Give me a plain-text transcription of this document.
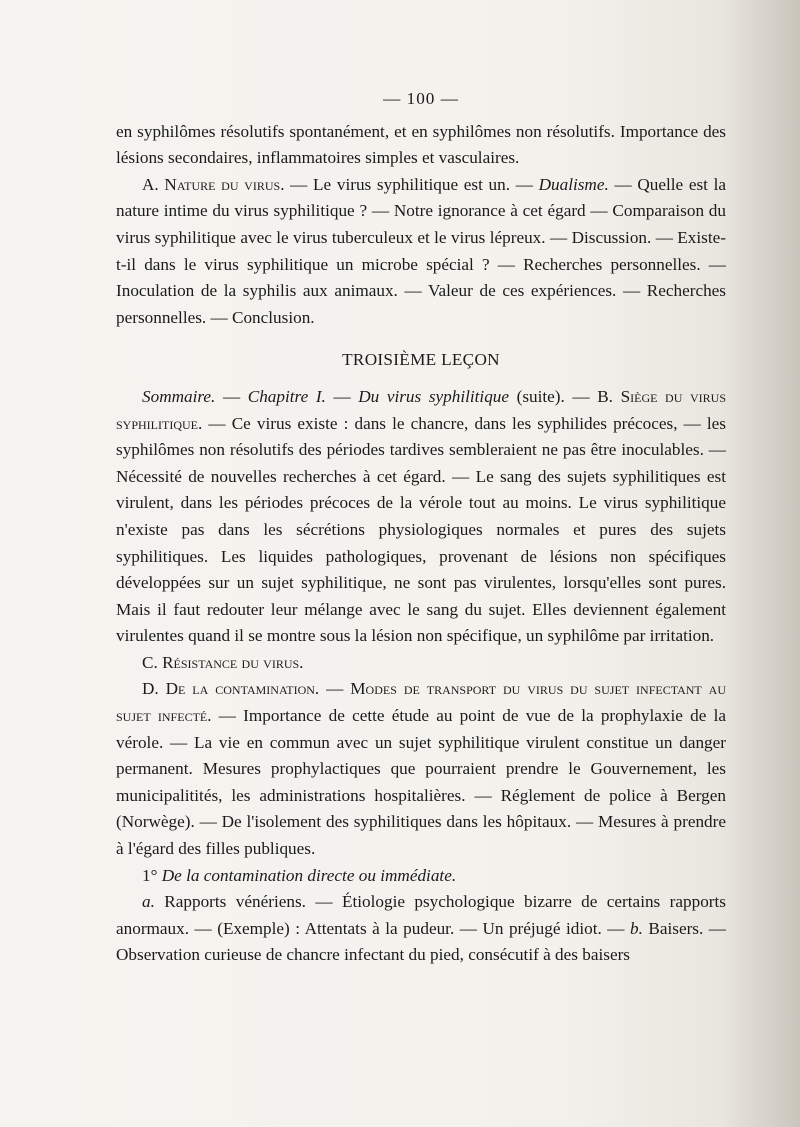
— 100 —

en syphilômes résolutifs spontanément, et en syphilômes non résolutifs. Importance des lésions secondaires, inflammatoires simples et vasculaires.

A. Nature du virus. — Le virus syphilitique est un. — Dualisme. — Quelle est la nature intime du virus syphilitique ? — Notre ignorance à cet égard — Comparaison du virus syphilitique avec le virus tuberculeux et le virus lépreux. — Discussion. — Existe-t-il dans le virus syphilitique un microbe spécial ? — Recherches personnelles. — Inoculation de la syphilis aux animaux. — Valeur de ces expériences. — Recherches personnelles. — Conclusion.

TROISIÈME LEÇON

Sommaire. — Chapitre I. — Du virus syphilitique (suite). — B. Siège du virus syphilitique. — Ce virus existe : dans le chancre, dans les syphilides précoces, — les syphilômes non résolutifs des périodes tardives sembleraient ne pas être inoculables. — Nécessité de nouvelles recherches à cet égard. — Le sang des sujets syphilitiques est virulent, dans les périodes précoces de la vérole tout au moins. Le virus syphilitique n'existe pas dans les sécrétions physiologiques normales et pures des sujets syphilitiques. Les liquides pathologiques, provenant de lésions non spécifiques développées sur un sujet syphilitique, ne sont pas virulentes, lorsqu'elles sont pures. Mais il faut redouter leur mélange avec le sang du sujet. Elles deviennent également virulentes quand il se montre sous la lésion non spécifique, un syphilôme par irritation.

C. Résistance du virus.

D. De la contamination. — Modes de transport du virus du sujet infectant au sujet infecté. — Importance de cette étude au point de vue de la prophylaxie de la vérole. — La vie en commun avec un sujet syphilitique virulent constitue un danger permanent. Mesures prophylactiques que pourraient prendre le Gouvernement, les municipalitités, les administrations hospitalières. — Réglement de police à Bergen (Norwège). — De l'isolement des syphilitiques dans les hôpitaux. — Mesures à prendre à l'égard des filles publiques.

1° De la contamination directe ou immédiate.

a. Rapports vénériens. — Étiologie psychologique bizarre de certains rapports anormaux. — (Exemple) : Attentats à la pudeur. — Un préjugé idiot. — b. Baisers. — Observation curieuse de chancre infectant du pied, consécutif à des baisers
